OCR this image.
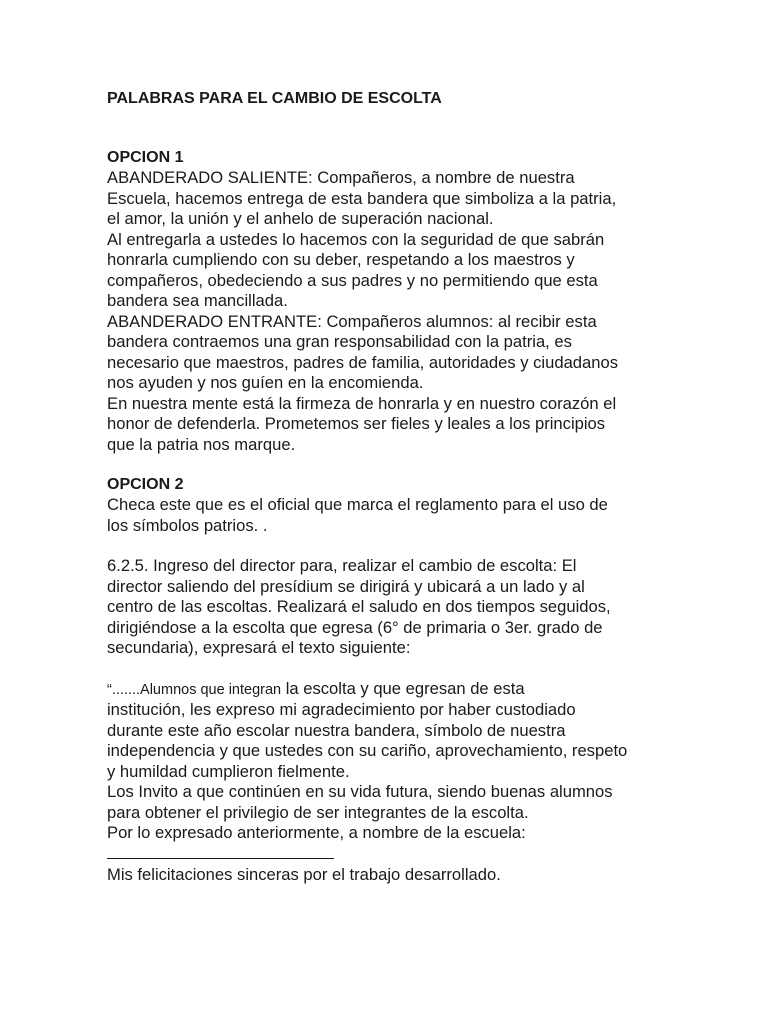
PALABRAS PARA EL CAMBIO DE ESCOLTA
OPCION 1
ABANDERADO SALIENTE: Compañeros, a nombre de nuestra
Escuela, hacemos entrega de esta bandera que simboliza a la patria,
el amor, la unión y el anhelo de superación nacional.
Al entregarla a ustedes lo hacemos con la seguridad de que sabrán
honrarla cumpliendo con su deber, respetando a los maestros y
compañeros, obedeciendo a sus padres y no permitiendo que esta
bandera sea mancillada.
ABANDERADO ENTRANTE: Compañeros alumnos: al recibir esta
bandera contraemos una gran responsabilidad con la patria, es
necesario que maestros, padres de familia, autoridades y ciudadanos
nos ayuden y nos guíen en la encomienda.
En nuestra mente está la firmeza de honrarla y en nuestro corazón el
honor de defenderla. Prometemos ser fieles y leales a los principios
que la patria nos marque.
OPCION 2
Checa este que es el oficial que marca el reglamento para el uso de
los símbolos patrios. .
6.2.5. Ingreso del director para, realizar el cambio de escolta: El
director saliendo del presídium se dirigirá y ubicará a un lado y al
centro de las escoltas. Realizará el saludo en dos tiempos seguidos,
dirigiéndose a la escolta que egresa (6° de primaria o 3er. grado de
secundaria), expresará el texto siguiente:
“.......Alumnos que integran la escolta y que egresan de esta
institución, les expreso mi agradecimiento por haber custodiado
durante este año escolar nuestra bandera, símbolo de nuestra
independencia y que ustedes con su cariño, aprovechamiento, respeto
y humildad cumplieron fielmente.
Los Invito a que continúen en su vida futura, siendo buenas alumnos
para obtener el privilegio de ser integrantes de la escolta.
Por lo expresado anteriormente, a nombre de la escuela:
Mis felicitaciones sinceras por el trabajo desarrollado.
